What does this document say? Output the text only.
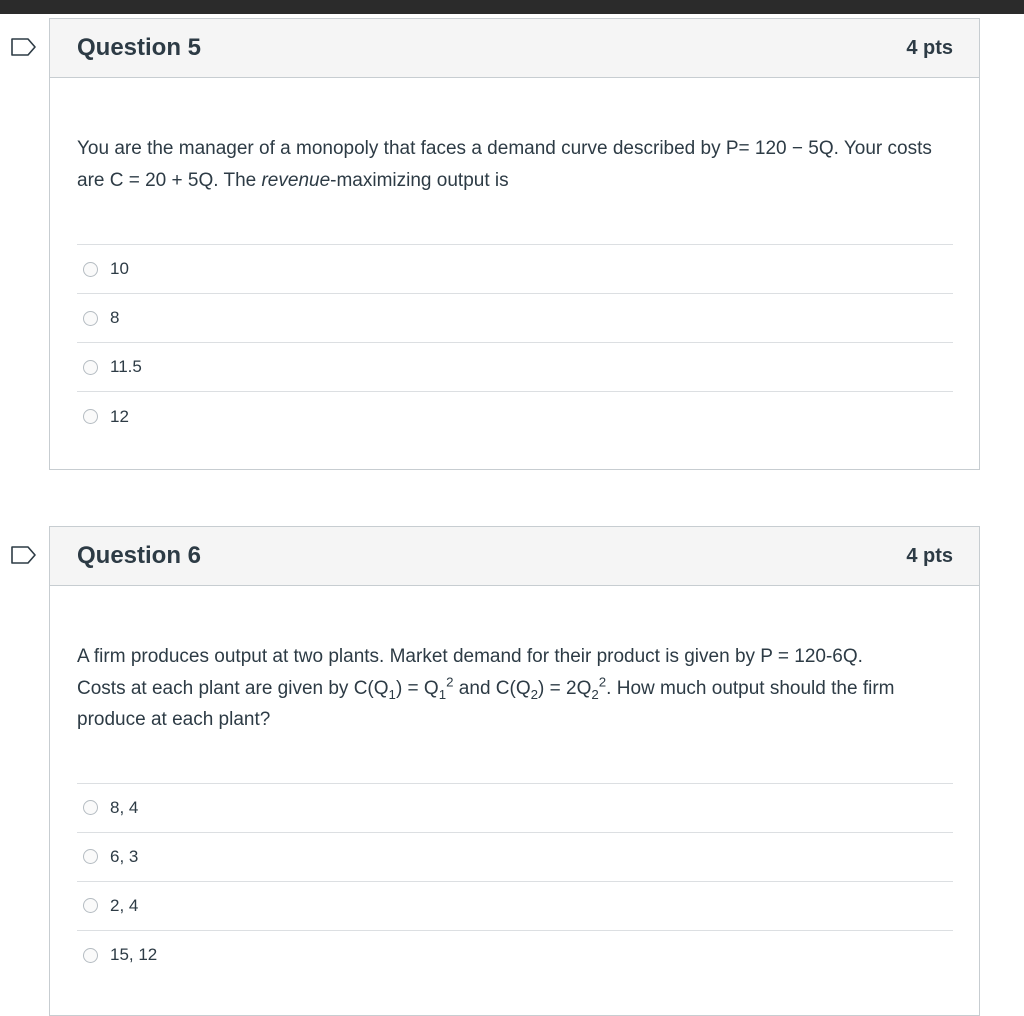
Question 5	4 pts

You are the manager of a monopoly that faces a demand curve described by P= 120 − 5Q. Your costs are C = 20 + 5Q. The revenue-maximizing output is

10
8
11.5
12
Question 6	4 pts

A firm produces output at two plants. Market demand for their product is given by P = 120-6Q.
Costs at each plant are given by $C(Q_1) = Q_1^2$ and $C(Q_2) = 2Q_2^2$. How much output should the firm produce at each plant?

8, 4
6, 3
2, 4
15, 12
